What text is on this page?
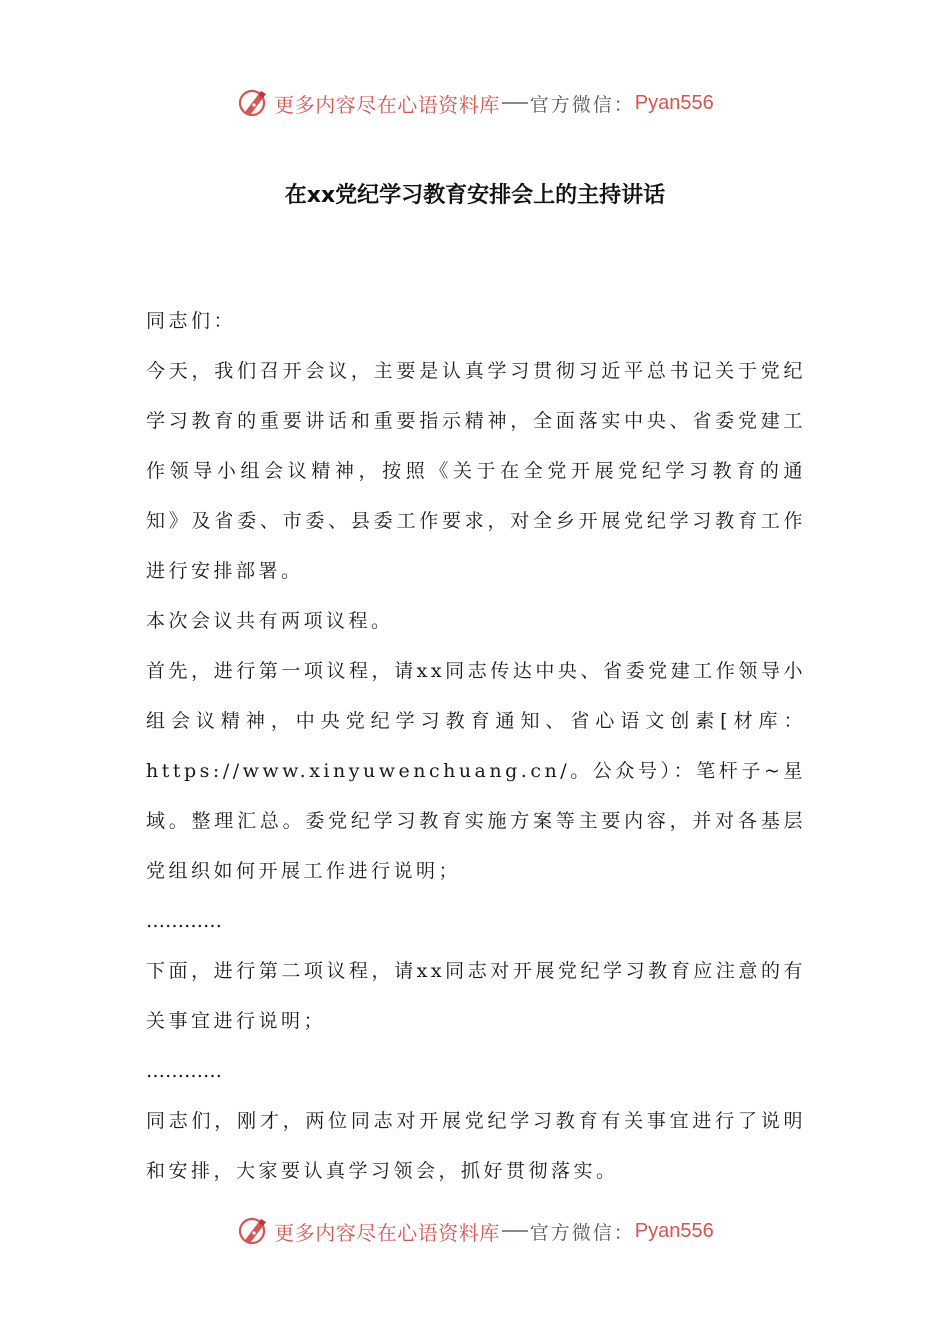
更多内容尽在心语资料库 官方微信： Pyan556
在xx党纪学习教育安排会上的主持讲话

同志们：

今天，我们召开会议，主要是认真学习贯彻习近平总书记关于党纪学习教育的重要讲话和重要指示精神，全面落实中央、省委党建工作领导小组会议精神，按照《关于在全党开展党纪学习教育的通知》及省委、市委、县委工作要求，对全乡开展党纪学习教育工作进行安排部署。

本次会议共有两项议程。

首先，进行第一项议程，请xx同志传达中央、省委党建工作领导小组会议精神，中央党纪学习教育通知、省心语文创素[材库：https://www.xinyuwenchuang.cn/。公众号）：笔杆子~星域。整理汇总。委党纪学习教育实施方案等主要内容，并对各基层党组织如何开展工作进行说明；

…………

下面，进行第二项议程，请xx同志对开展党纪学习教育应注意的有关事宜进行说明；

…………

同志们，刚才，两位同志对开展党纪学习教育有关事宜进行了说明和安排，大家要认真学习领会，抓好贯彻落实。

更多内容尽在心语资料库 官方微信： Pyan556
